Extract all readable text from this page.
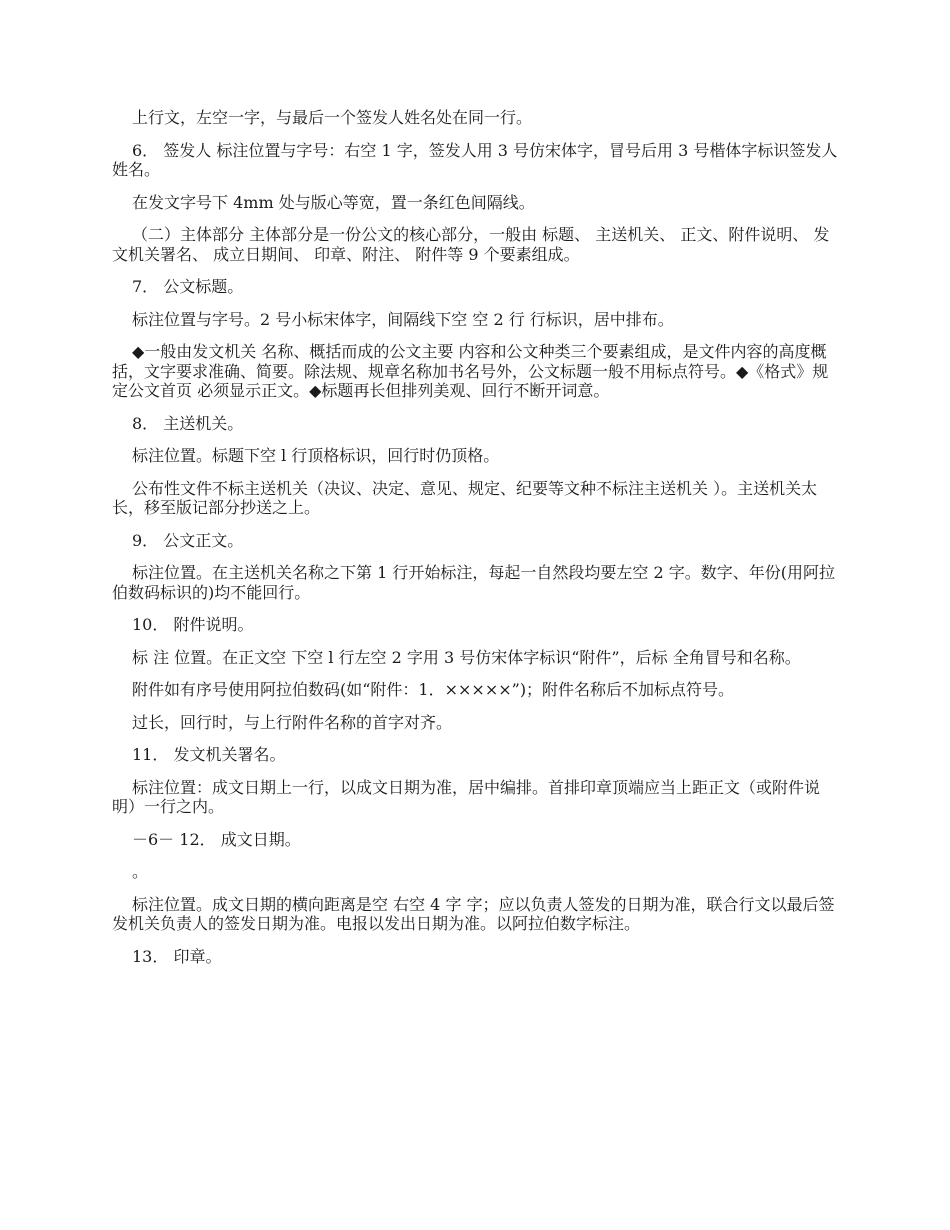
上行文，左空一字，与最后一个签发人姓名处在同一行。

6． 签发人 标注位置与字号：右空 1 字，签发人用 3 号仿宋体字，冒号后用 3 号楷体字标识签发人姓名。

在发文字号下 4mm 处与版心等宽，置一条红色间隔线。

（二）主体部分 主体部分是一份公文的核心部分，一般由 标题、 主送机关、 正文、附件说明、 发文机关署名、 成立日期间、 印章、附注、 附件等 9 个要素组成。

7． 公文标题。

标注位置与字号。2 号小标宋体字，间隔线下空 空 2 行 行标识，居中排布。

◆一般由发文机关 名称、概括而成的公文主要 内容和公文种类三个要素组成，是文件内容的高度概括，文字要求准确、简要。除法规、规章名称加书名号外，公文标题一般不用标点符号。◆《格式》规定公文首页 必须显示正文。◆标题再长但排列美观、回行不断开词意。

8． 主送机关。

标注位置。标题下空 l 行顶格标识，回行时仍顶格。

公布性文件不标主送机关（决议、决定、意见、规定、纪要等文种不标注主送机关 ）。主送机关太长，移至版记部分抄送之上。

9． 公文正文。

标注位置。在主送机关名称之下第 1 行开始标注，每起一自然段均要左空 2 字。数字、年份(用阿拉伯数码标识的)均不能回行。

10． 附件说明。

标 注 位置。在正文空 下空 l 行左空 2 字用 3 号仿宋体字标识“附件”，后标 全角冒号和名称。

附件如有序号使用阿拉伯数码(如“附件：1．×××××”)；附件名称后不加标点符号。

过长，回行时，与上行附件名称的首字对齐。

11． 发文机关署名。

标注位置：成文日期上一行，以成文日期为准，居中编排。首排印章顶端应当上距正文（或附件说明）一行之内。

－6－ 12． 成文日期。

。

标注位置。成文日期的横向距离是空 右空 4 字 字；应以负责人签发的日期为准，联合行文以最后签发机关负责人的签发日期为准。电报以发出日期为准。以阿拉伯数字标注。

13． 印章。
